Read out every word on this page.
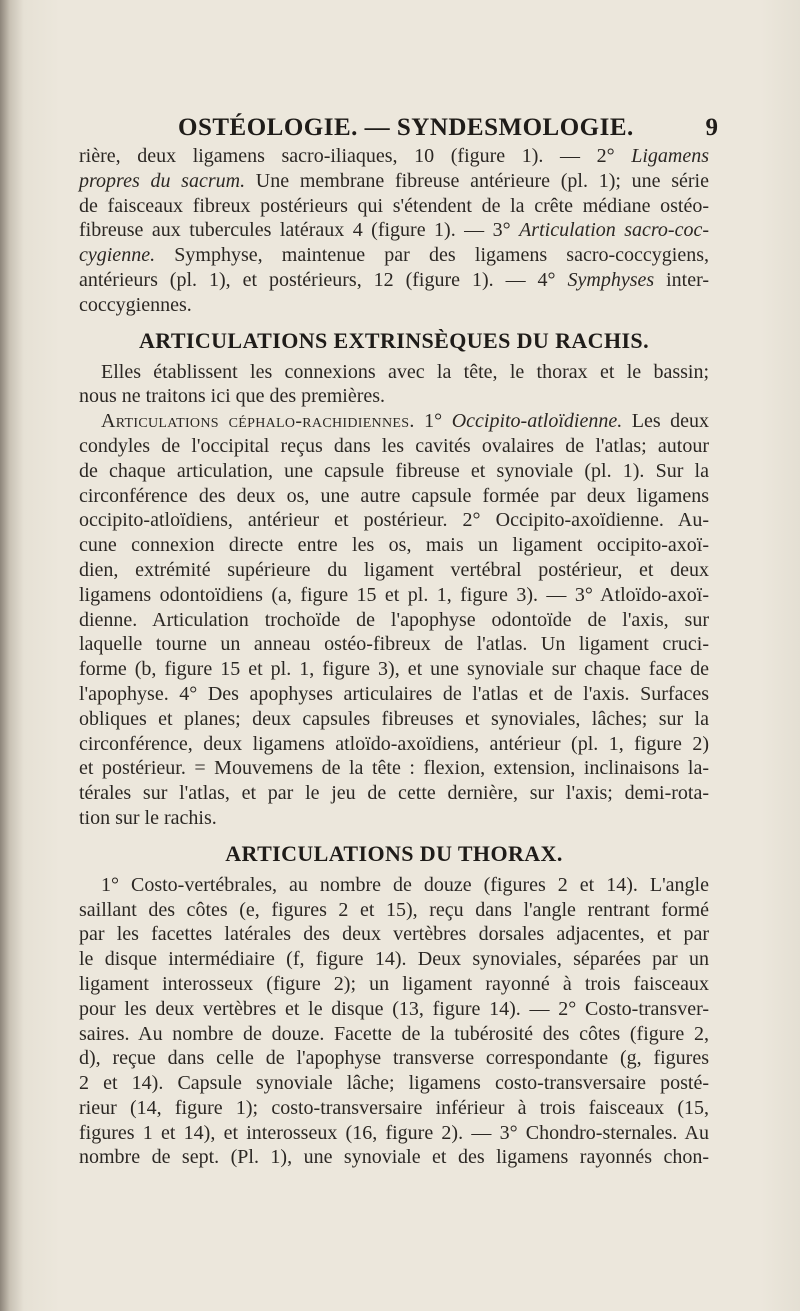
OSTÉOLOGIE. — SYNDESMOLOGIE.	9

rière, deux ligamens sacro-iliaques, 10 (figure 1). — 2° Ligamens
propres du sacrum. Une membrane fibreuse antérieure (pl. 1); une série
de faisceaux fibreux postérieurs qui s'étendent de la crête médiane ostéo-
fibreuse aux tubercules latéraux 4 (figure 1). — 3° Articulation sacro-coc-
cygienne. Symphyse, maintenue par des ligamens sacro-coccygiens,
antérieurs (pl. 1), et postérieurs, 12 (figure 1). — 4° Symphyses inter-
coccygiennes.

ARTICULATIONS EXTRINSÈQUES DU RACHIS.

Elles établissent les connexions avec la tête, le thorax et le bassin;
nous ne traitons ici que des premières.

Articulations céphalo-rachidiennes. 1° Occipito-atloïdienne. Les deux
condyles de l'occipital reçus dans les cavités ovalaires de l'atlas; autour
de chaque articulation, une capsule fibreuse et synoviale (pl. 1). Sur la
circonférence des deux os, une autre capsule formée par deux ligamens
occipito-atloïdiens, antérieur et postérieur. 2° Occipito-axoïdienne. Au-
cune connexion directe entre les os, mais un ligament occipito-axoï-
dien, extrémité supérieure du ligament vertébral postérieur, et deux
ligamens odontoïdiens (a, figure 15 et pl. 1, figure 3). — 3° Atloïdo-axoï-
dienne. Articulation trochoïde de l'apophyse odontoïde de l'axis, sur
laquelle tourne un anneau ostéo-fibreux de l'atlas. Un ligament cruci-
forme (b, figure 15 et pl. 1, figure 3), et une synoviale sur chaque face de
l'apophyse. 4° Des apophyses articulaires de l'atlas et de l'axis. Surfaces
obliques et planes; deux capsules fibreuses et synoviales, lâches; sur la
circonférence, deux ligamens atloïdo-axoïdiens, antérieur (pl. 1, figure 2)
et postérieur. = Mouvemens de la tête : flexion, extension, inclinaisons la-
térales sur l'atlas, et par le jeu de cette dernière, sur l'axis; demi-rota-
tion sur le rachis.

ARTICULATIONS DU THORAX.

1° Costo-vertébrales, au nombre de douze (figures 2 et 14). L'angle
saillant des côtes (e, figures 2 et 15), reçu dans l'angle rentrant formé
par les facettes latérales des deux vertèbres dorsales adjacentes, et par
le disque intermédiaire (f, figure 14). Deux synoviales, séparées par un
ligament interosseux (figure 2); un ligament rayonné à trois faisceaux
pour les deux vertèbres et le disque (13, figure 14). — 2° Costo-transver-
saires. Au nombre de douze. Facette de la tubérosité des côtes (figure 2,
d), reçue dans celle de l'apophyse transverse correspondante (g, figures
2 et 14). Capsule synoviale lâche; ligamens costo-transversaire posté-
rieur (14, figure 1); costo-transversaire inférieur à trois faisceaux (15,
figures 1 et 14), et interosseux (16, figure 2). — 3° Chondro-sternales. Au
nombre de sept. (Pl. 1), une synoviale et des ligamens rayonnés chon-
